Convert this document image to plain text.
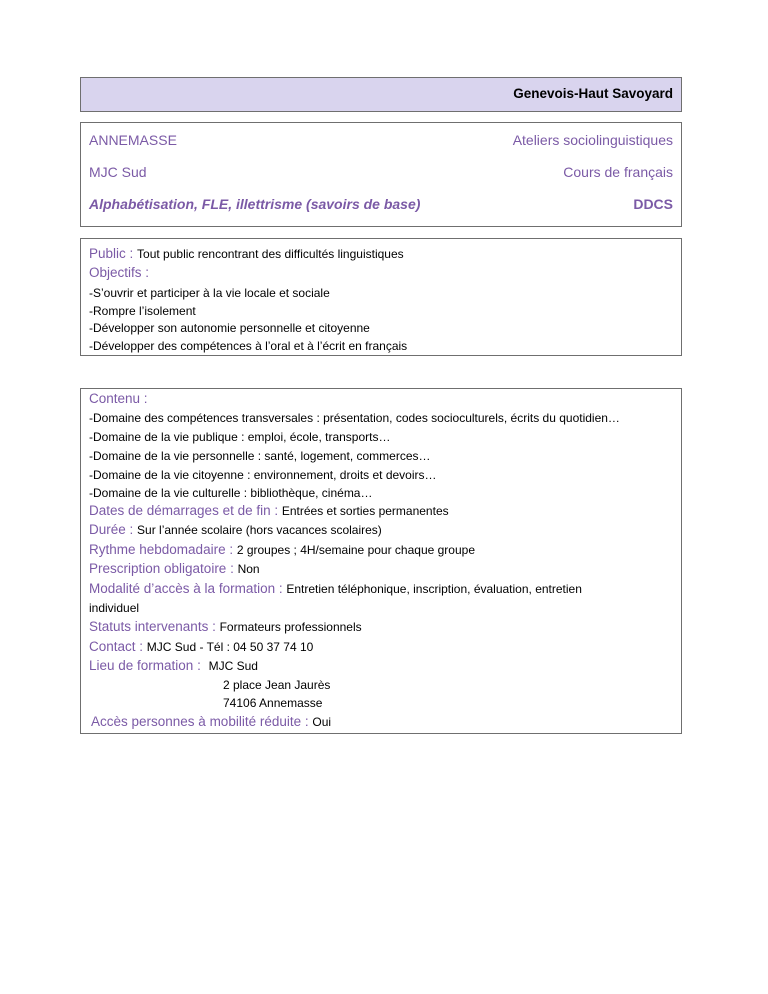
Genevois-Haut Savoyard
ANNEMASSE	Ateliers sociolinguistiques
MJC Sud	Cours de français
Alphabétisation, FLE, illettrisme (savoirs de base)	DDCS
Public : Tout public rencontrant des difficultés linguistiques
Objectifs :
-S’ouvrir et participer à la vie locale et sociale
-Rompre l’isolement
-Développer son autonomie personnelle et citoyenne
-Développer des compétences à l’oral et à l’écrit en français
Contenu :
-Domaine des compétences transversales : présentation, codes socioculturels, écrits du quotidien…
-Domaine de la vie publique : emploi, école, transports…
-Domaine de la vie personnelle : santé, logement, commerces…
-Domaine de la vie citoyenne : environnement, droits et devoirs…
-Domaine de la vie culturelle : bibliothèque, cinéma…
Dates de démarrages et de fin : Entrées et sorties permanentes
Durée : Sur l’année scolaire (hors vacances scolaires)
Rythme hebdomadaire : 2 groupes ; 4H/semaine pour chaque groupe
Prescription obligatoire : Non
Modalité d’accès à la formation : Entretien téléphonique, inscription, évaluation, entretien
individuel
Statuts intervenants : Formateurs professionnels
Contact : MJC Sud - Tél : 04 50 37 74 10
Lieu de formation : MJC Sud
2 place Jean Jaurès
74106 Annemasse
Accès personnes à mobilité réduite : Oui
